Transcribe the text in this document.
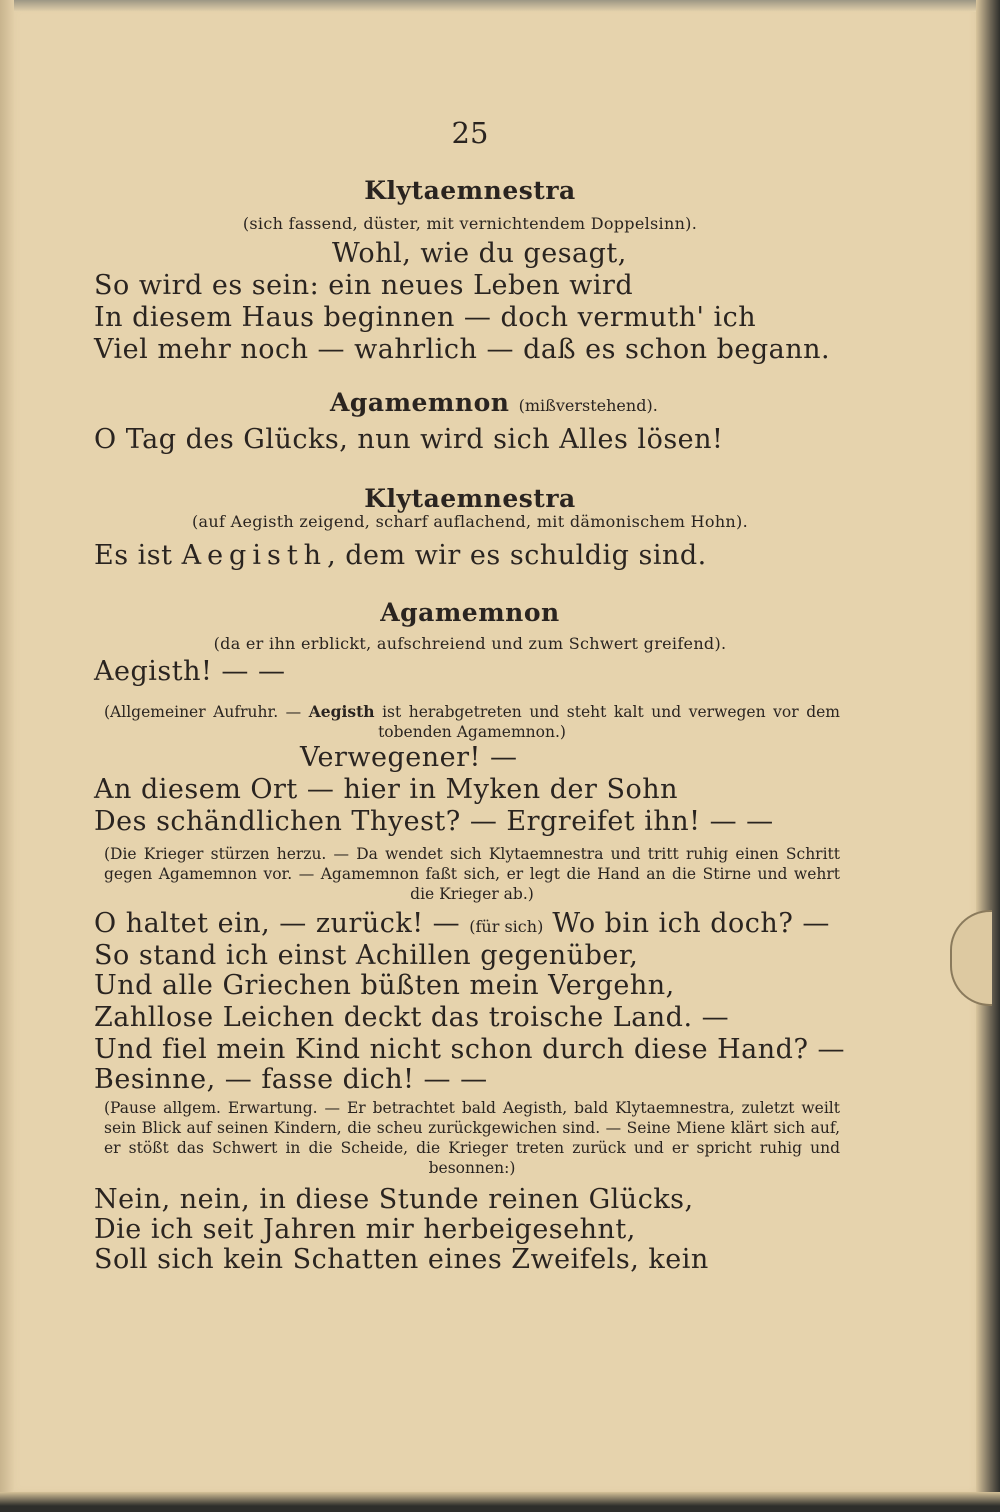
25
Klytaemnestra
(sich fassend, düster, mit vernichtendem Doppelsinn).
Wohl, wie du gesagt,
So wird es sein: ein neues Leben wird
In diesem Haus beginnen — doch vermuth' ich
Viel mehr noch — wahrlich — daß es schon begann.
Agamemnon (mißverstehend).
O Tag des Glücks, nun wird sich Alles lösen!
Klytaemnestra
(auf Aegisth zeigend, scharf auflachend, mit dämonischem Hohn).
Es ist Aegisth, dem wir es schuldig sind.
Agamemnon
(da er ihn erblickt, aufschreiend und zum Schwert greifend).
Aegisth! — —
(Allgemeiner Aufruhr. — Aegisth ist herabgetreten und steht kalt und verwegen vor dem tobenden Agamemnon.)
Verwegener! —
An diesem Ort — hier in Myken der Sohn
Des schändlichen Thyest? — Ergreifet ihn! — —
(Die Krieger stürzen herzu. — Da wendet sich Klytaemnestra und tritt ruhig einen Schritt gegen Agamemnon vor. — Agamemnon faßt sich, er legt die Hand an die Stirne und wehrt die Krieger ab.)
O haltet ein, — zurück! — (für sich) Wo bin ich doch? —
So stand ich einst Achillen gegenüber,
Und alle Griechen büßten mein Vergehn,
Zahllose Leichen deckt das troische Land. —
Und fiel mein Kind nicht schon durch diese Hand? —
Besinne, — fasse dich! — —
(Pause allgem. Erwartung. — Er betrachtet bald Aegisth, bald Klytaemnestra, zuletzt weilt sein Blick auf seinen Kindern, die scheu zurückgewichen sind. — Seine Miene klärt sich auf, er stößt das Schwert in die Scheide, die Krieger treten zurück und er spricht ruhig und besonnen:)
Nein, nein, in diese Stunde reinen Glücks,
Die ich seit Jahren mir herbeigesehnt,
Soll sich kein Schatten eines Zweifels, kein
